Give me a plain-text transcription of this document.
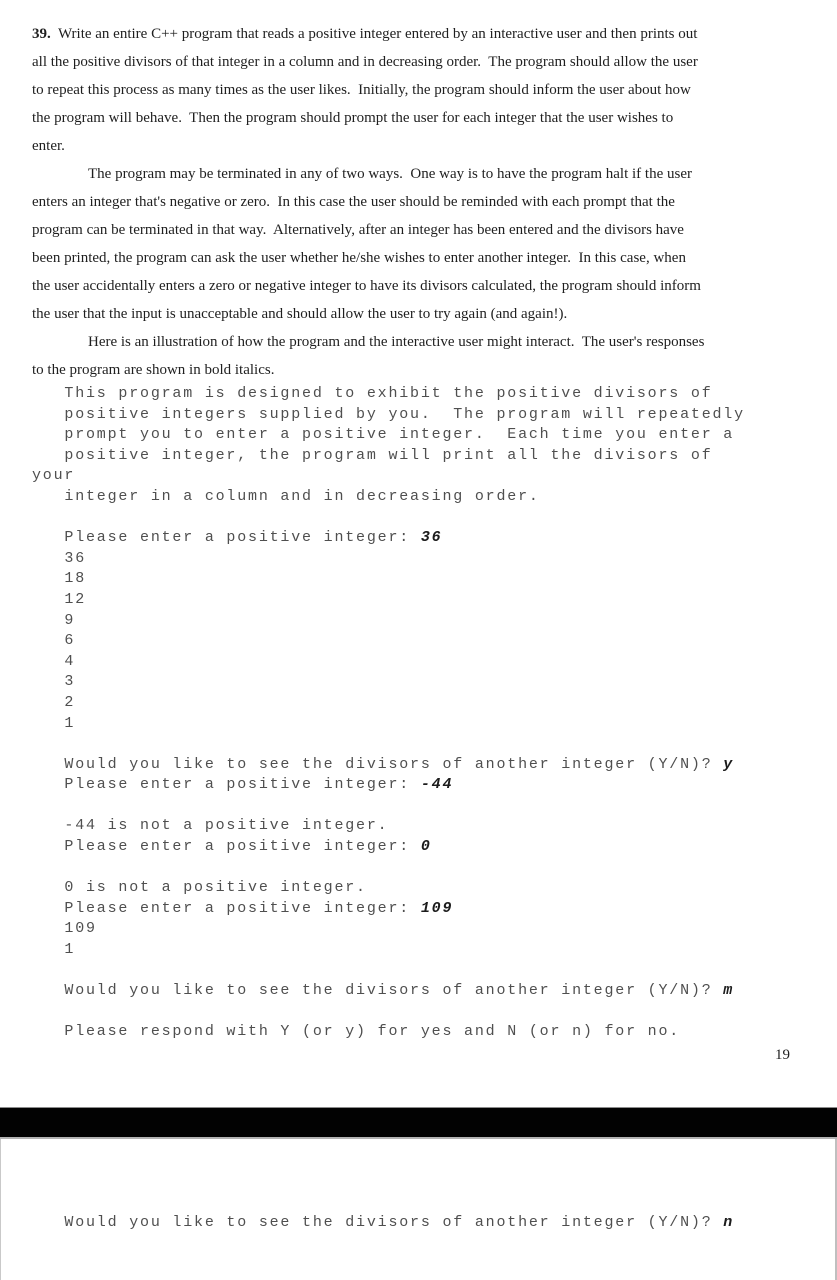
39.  Write an entire C++ program that reads a positive integer entered by an interactive user and then prints out
all the positive divisors of that integer in a column and in decreasing order.  The program should allow the user
to repeat this process as many times as the user likes.  Initially, the program should inform the user about how
the program will behave.  Then the program should prompt the user for each integer that the user wishes to
enter.
The program may be terminated in any of two ways.  One way is to have the program halt if the user
enters an integer that's negative or zero.  In this case the user should be reminded with each prompt that the
program can be terminated in that way.  Alternatively, after an integer has been entered and the divisors have
been printed, the program can ask the user whether he/she wishes to enter another integer.  In this case, when
the user accidentally enters a zero or negative integer to have its divisors calculated, the program should inform
the user that the input is unacceptable and should allow the user to try again (and again!).
Here is an illustration of how the program and the interactive user might interact.  The user's responses
to the program are shown in bold italics.
This program is designed to exhibit the positive divisors of
positive integers supplied by you.  The program will repeatedly
prompt you to enter a positive integer.  Each time you enter a
positive integer, the program will print all the divisors of
your
integer in a column and in decreasing order.

Please enter a positive integer: 36
36
18
12
9
6
4
3
2
1

Would you like to see the divisors of another integer (Y/N)? y
Please enter a positive integer: -44

-44 is not a positive integer.
Please enter a positive integer: 0

0 is not a positive integer.
Please enter a positive integer: 109
109
1

Would you like to see the divisors of another integer (Y/N)? m

Please respond with Y (or y) for yes and N (or n) for no.
19
Would you like to see the divisors of another integer (Y/N)? n
